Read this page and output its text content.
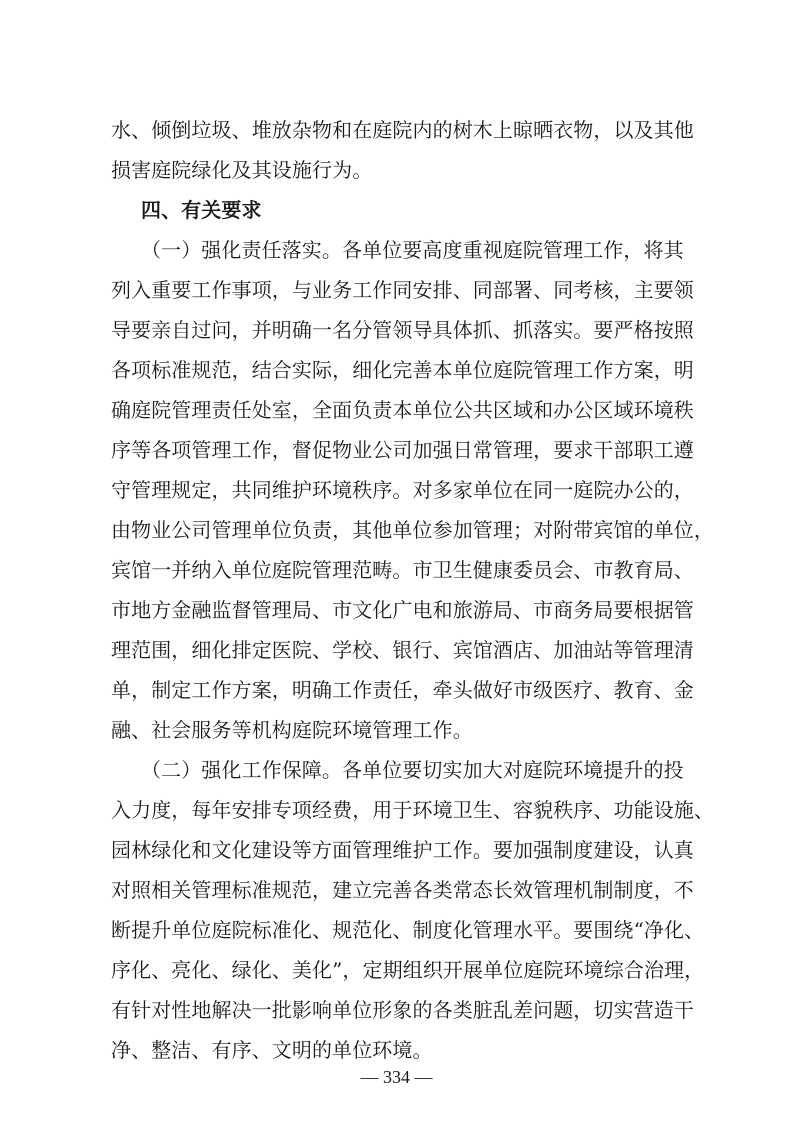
水、倾倒垃圾、堆放杂物和在庭院内的树木上晾晒衣物，以及其他
损害庭院绿化及其设施行为。
四、有关要求
（一）强化责任落实。各单位要高度重视庭院管理工作，将其
列入重要工作事项，与业务工作同安排、同部署、同考核，主要领
导要亲自过问，并明确一名分管领导具体抓、抓落实。要严格按照
各项标准规范，结合实际，细化完善本单位庭院管理工作方案，明
确庭院管理责任处室，全面负责本单位公共区域和办公区域环境秩
序等各项管理工作，督促物业公司加强日常管理，要求干部职工遵
守管理规定，共同维护环境秩序。对多家单位在同一庭院办公的，
由物业公司管理单位负责，其他单位参加管理；对附带宾馆的单位，
宾馆一并纳入单位庭院管理范畴。市卫生健康委员会、市教育局、
市地方金融监督管理局、市文化广电和旅游局、市商务局要根据管
理范围，细化排定医院、学校、银行、宾馆酒店、加油站等管理清
单，制定工作方案，明确工作责任，牵头做好市级医疗、教育、金
融、社会服务等机构庭院环境管理工作。
（二）强化工作保障。各单位要切实加大对庭院环境提升的投
入力度，每年安排专项经费，用于环境卫生、容貌秩序、功能设施、
园林绿化和文化建设等方面管理维护工作。要加强制度建设，认真
对照相关管理标准规范，建立完善各类常态长效管理机制制度，不
断提升单位庭院标准化、规范化、制度化管理水平。要围绕“净化、
序化、亮化、绿化、美化”，定期组织开展单位庭院环境综合治理，
有针对性地解决一批影响单位形象的各类脏乱差问题，切实营造干
净、整洁、有序、文明的单位环境。
— 334 —
